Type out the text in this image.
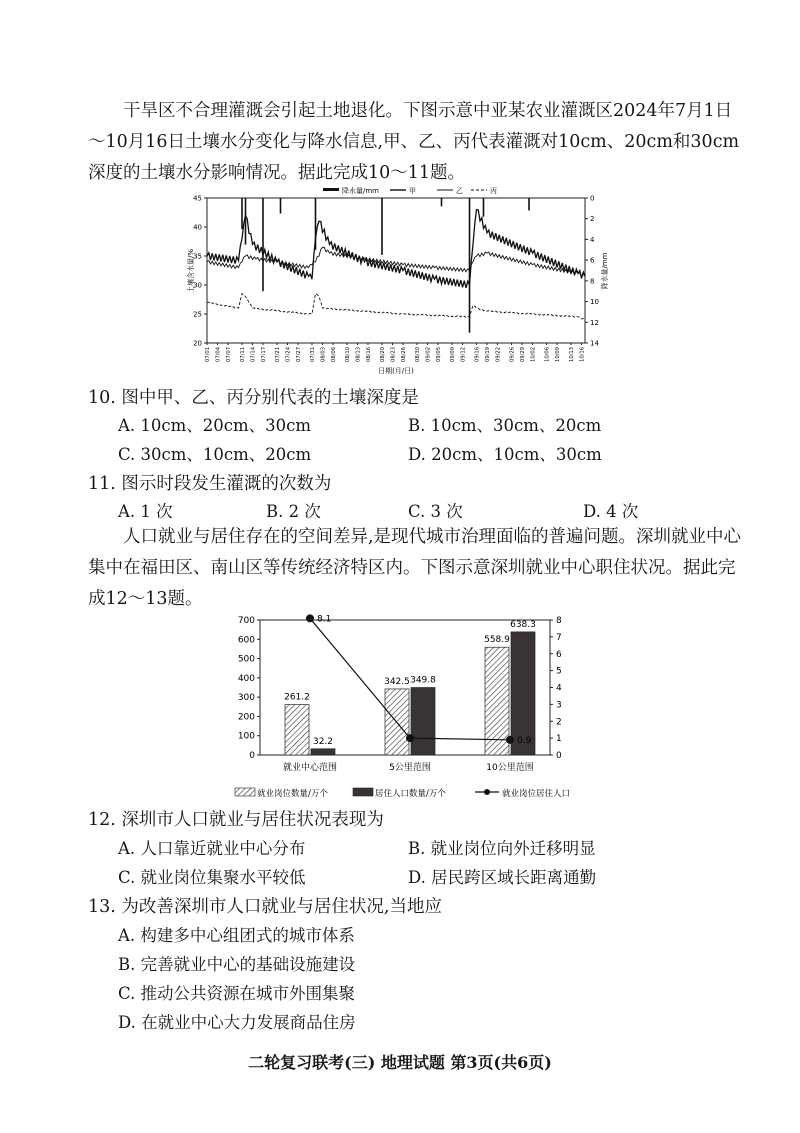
干旱区不合理灌溉会引起土地退化。下图示意中亚某农业灌溉区2024年7月1日～10月16日土壤水分变化与降水信息,甲、乙、丙代表灌溉对10cm、20cm和30cm深度的土壤水分影响情况。据此完成10～11题。

降水量/mm	甲	乙	丙
20
25
30
35
40
45	0
2
4
6
8
10
12
14
07/01 07/04 07/07 07/11 07/14 07/17 07/21 07/24 07/27 07/31 08/03 08/06 08/10 08/13 08/16 08/20 08/23 08/26 08/30 09/02 09/05 09/09 09/12 09/16 09/19 09/22 09/26 09/29 10/02 10/06 10/09 10/13 10/16
土壤含水量/%	降水量/mm
日期(月/日)

10. 图中甲、乙、丙分别代表的土壤深度是

A. 10cm、20cm、30cm	B. 10cm、30cm、20cm

C. 30cm、10cm、20cm	D. 20cm、10cm、30cm

11. 图示时段发生灌溉的次数为

A. 1 次	B. 2 次	C. 3 次	D. 4 次

人口就业与居住存在的空间差异,是现代城市治理面临的普遍问题。深圳就业中心集中在福田区、南山区等传统经济特区内。下图示意深圳就业中心职住状况。据此完成12～13题。

0
100
200
300
400
500
600
700
0
1
2
3
4
5
6
7
8
8.1
0.9
261.2
32.2
就业中心范围
342.5 349.8
5公里范围
558.9
638.3
10公里范围
就业岗位数量/万个	居住人口数量/万个	就业岗位居住人口

12. 深圳市人口就业与居住状况表现为

A. 人口靠近就业中心分布	B. 就业岗位向外迁移明显

C. 就业岗位集聚水平较低	D. 居民跨区域长距离通勤

13. 为改善深圳市人口就业与居住状况,当地应

A. 构建多中心组团式的城市体系

B. 完善就业中心的基础设施建设

C. 推动公共资源在城市外围集聚

D. 在就业中心大力发展商品住房

二轮复习联考(三) 地理试题 第3页(共6页)
